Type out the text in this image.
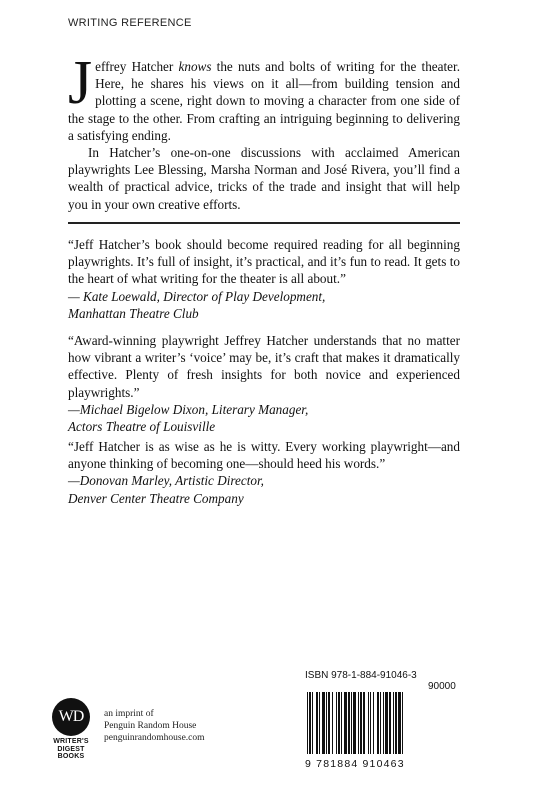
WRITING REFERENCE

Jeffrey Hatcher knows the nuts and bolts of writing for the theater. Here, he shares his views on it all—from building tension and plotting a scene, right down to moving a character from one side of the stage to the other. From crafting an intriguing beginning to delivering a satisfying ending.

In Hatcher’s one-on-one discussions with acclaimed American playwrights Lee Blessing, Marsha Norman and José Rivera, you’ll find a wealth of practical advice, tricks of the trade and insight that will help you in your own creative efforts.

“Jeff Hatcher’s book should become required reading for all beginning playwrights. It’s full of insight, it’s practical, and it’s fun to read. It gets to the heart of what writing for the theater is all about.”

— Kate Loewald, Director of Play Development,

Manhattan Theatre Club

“Award-winning playwright Jeffrey Hatcher understands that no matter how vibrant a writer’s ‘voice’ may be, it’s craft that makes it dramatically effective. Plenty of fresh insights for both novice and experienced playwrights.”

—Michael Bigelow Dixon, Literary Manager,

Actors Theatre of Louisville

“Jeff Hatcher is as wise as he is witty. Every working playwright—and anyone thinking of becoming one—should heed his words.”

—Donovan Marley, Artistic Director,

Denver Center Theatre Company

WD
WRITER'S
DIGEST
BOOKS
an imprint of
Penguin Random House
penguinrandomhouse.com
ISBN 978-1-884-91046-3
90000
9 781884 910463
